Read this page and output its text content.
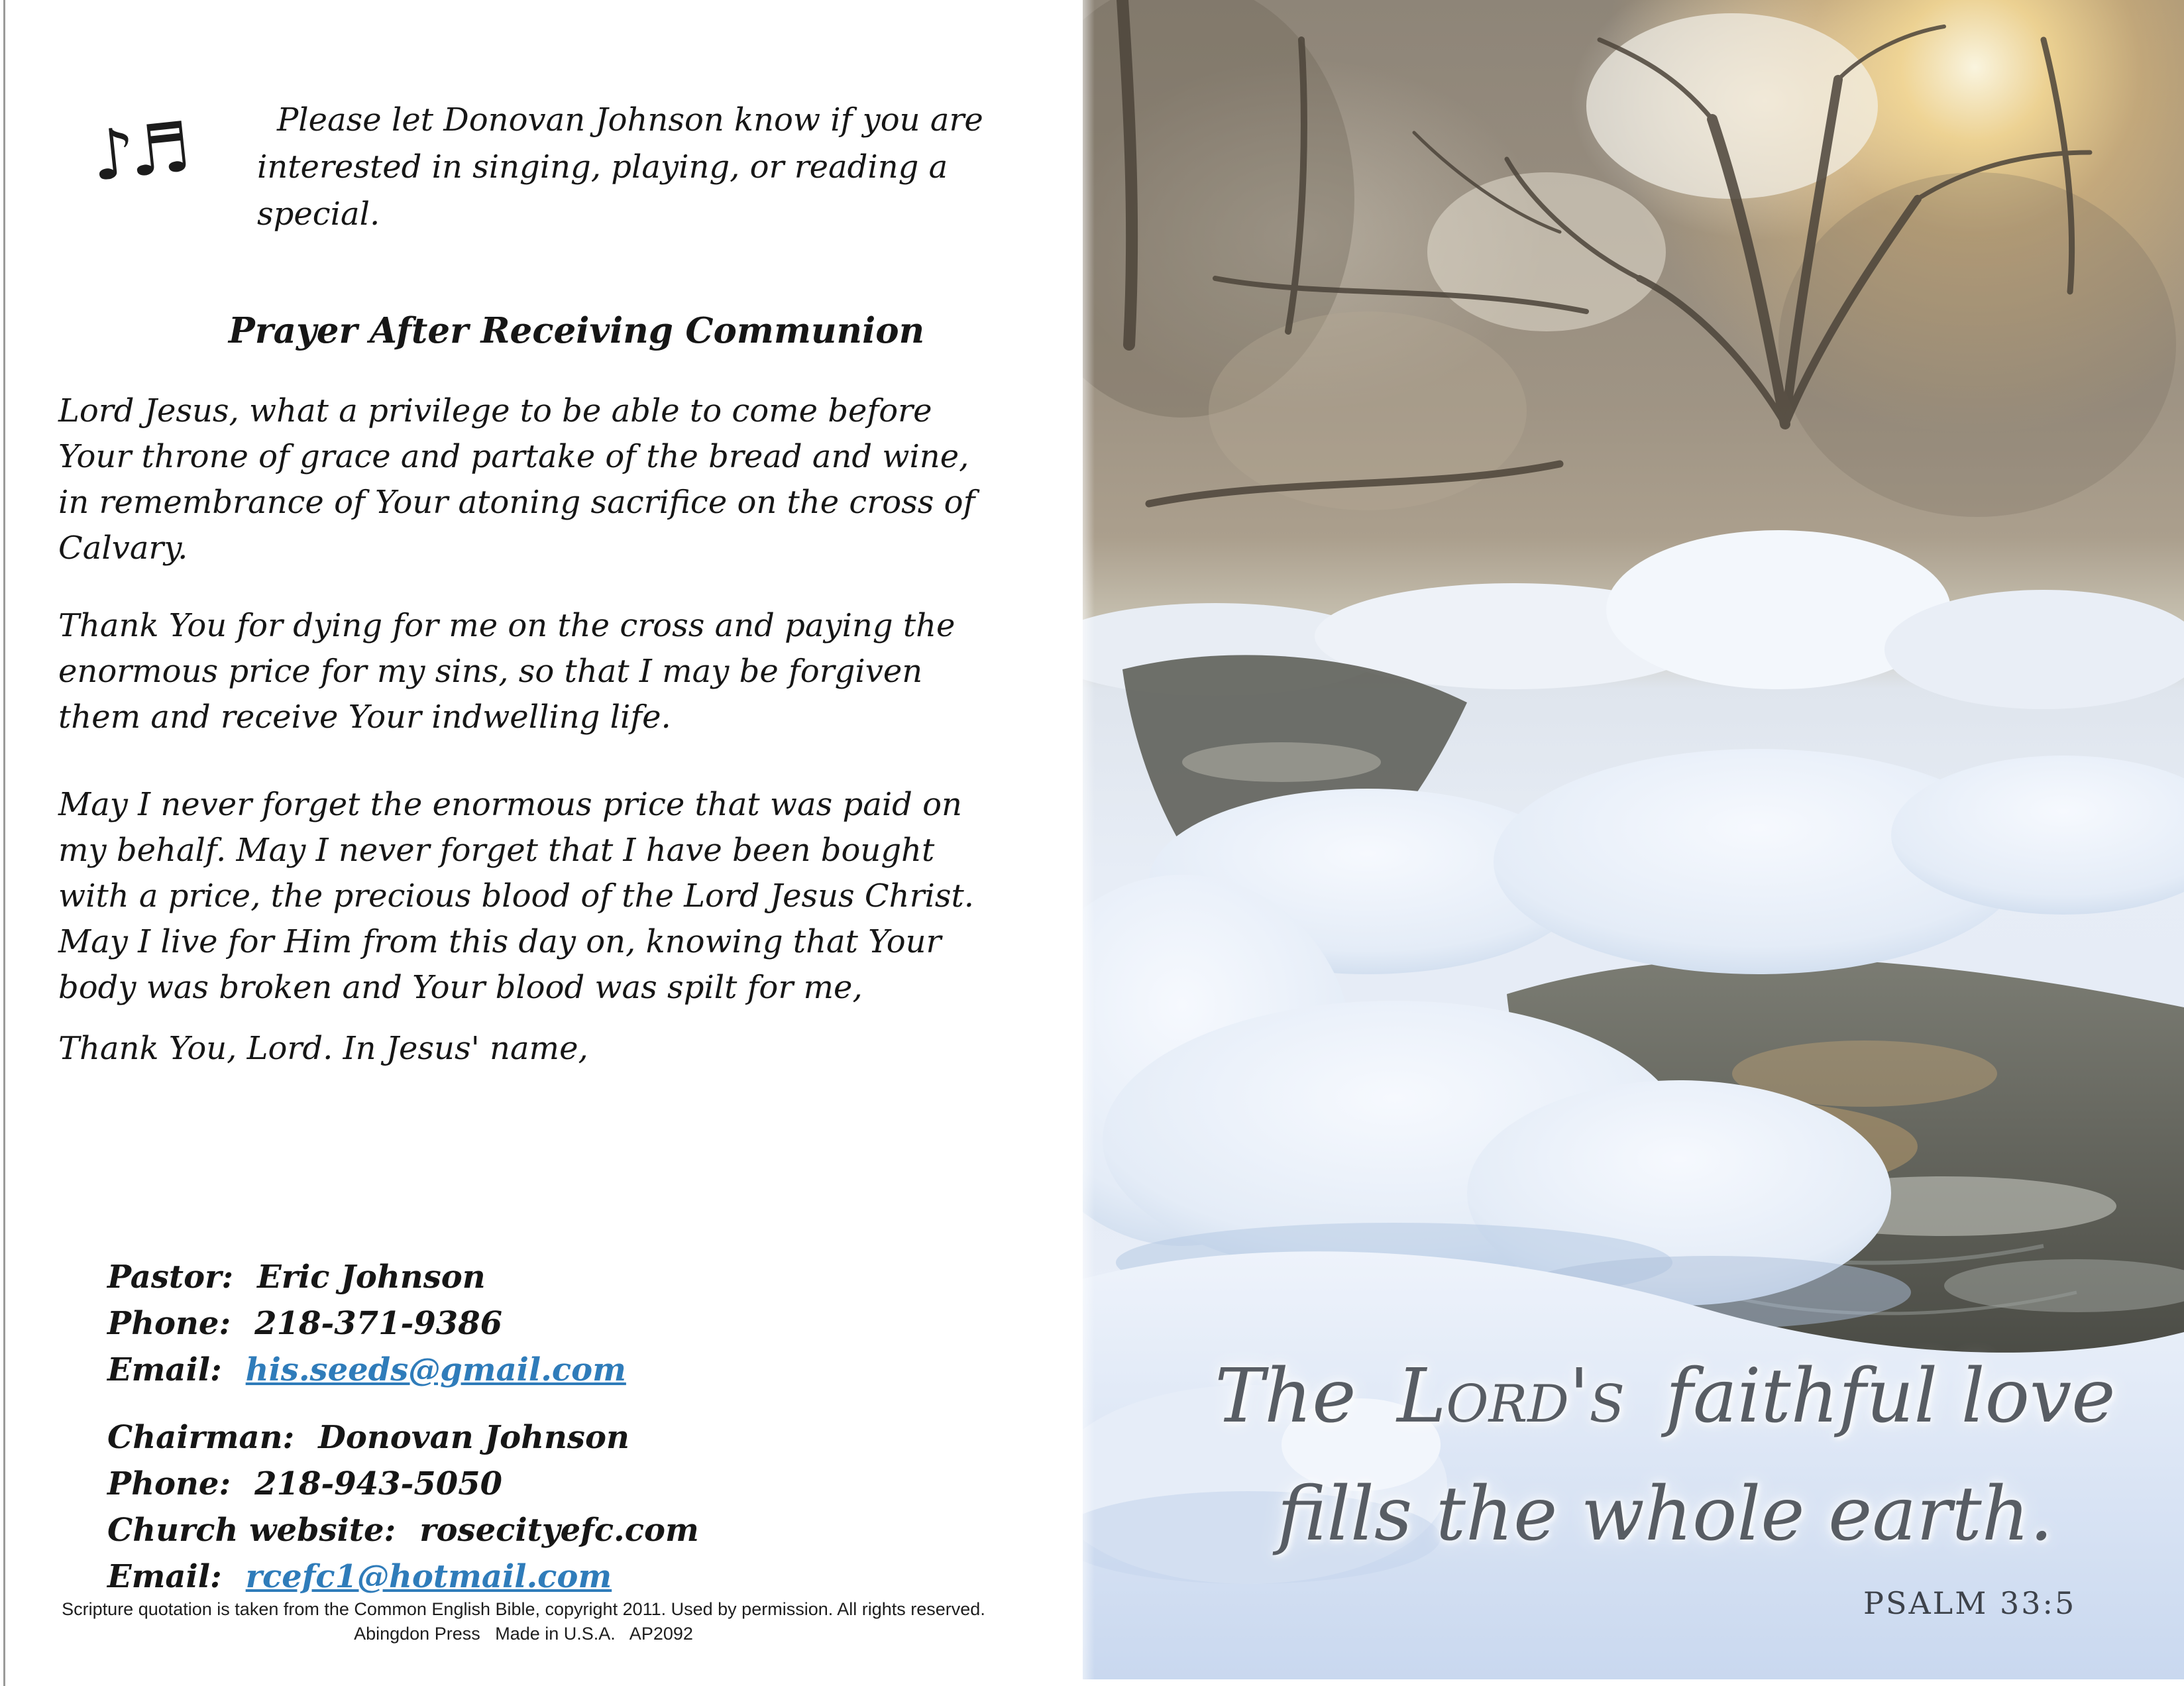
♪♬	Please let Donovan Johnson know if you are
interested in singing, playing, or reading a
special.
Prayer After Receiving Communion
Lord Jesus, what a privilege to be able to come before
Your throne of grace and partake of the bread and wine,
in remembrance of Your atoning sacrifice on the cross of
Calvary.
Thank You for dying for me on the cross and paying the
enormous price for my sins, so that I may be forgiven
them and receive Your indwelling life.
May I never forget the enormous price that was paid on
my behalf. May I never forget that I have been bought
with a price, the precious blood of the Lord Jesus Christ.
May I live for Him from this day on, knowing that Your
body was broken and Your blood was spilt for me,
Thank You, Lord. In Jesus' name,
Pastor: Eric Johnson
Phone: 218-371-9386
Email: his.seeds@gmail.com
Chairman: Donovan Johnson
Phone: 218-943-5050
Church website: rosecityefc.com
Email: rcefc1@hotmail.com
Scripture quotation is taken from the Common English Bible, copyright 2011. Used by permission. All rights reserved.
Abingdon Press   Made in U.S.A.   AP2092
The Lord's faithful love
fills the whole earth.
PSALM 33:5
